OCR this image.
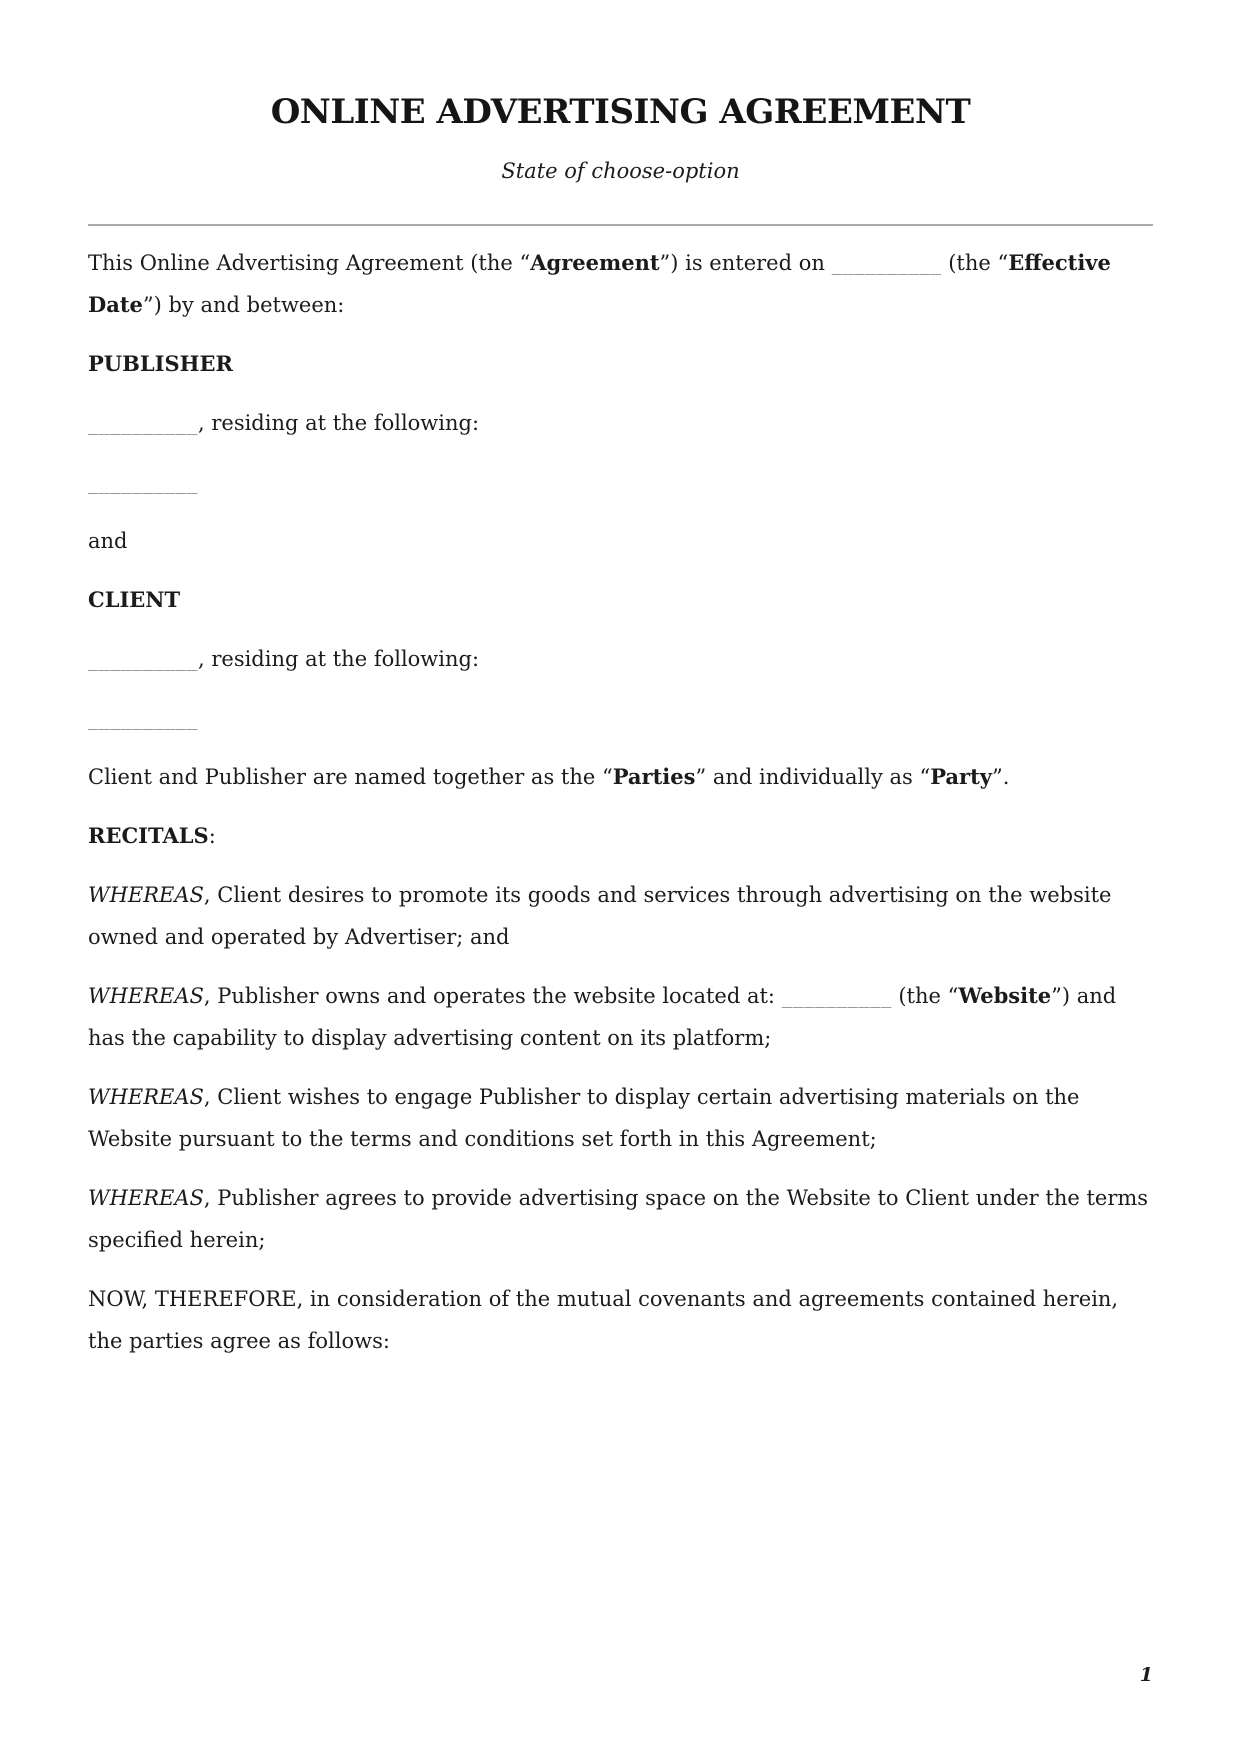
ONLINE ADVERTISING AGREEMENT

State of choose-option

This Online Advertising Agreement (the “Agreement”) is entered on __________ (the “Effective Date”) by and between:

PUBLISHER

__________, residing at the following:

__________

and

CLIENT

__________, residing at the following:

__________

Client and Publisher are named together as the “Parties” and individually as “Party”.

RECITALS:

WHEREAS, Client desires to promote its goods and services through advertising on the website owned and operated by Advertiser; and

WHEREAS, Publisher owns and operates the website located at: __________ (the “Website”) and has the capability to display advertising content on its platform;

WHEREAS, Client wishes to engage Publisher to display certain advertising materials on the Website pursuant to the terms and conditions set forth in this Agreement;

WHEREAS, Publisher agrees to provide advertising space on the Website to Client under the terms specified herein;

NOW, THEREFORE, in consideration of the mutual covenants and agreements contained herein, the parties agree as follows:

1
